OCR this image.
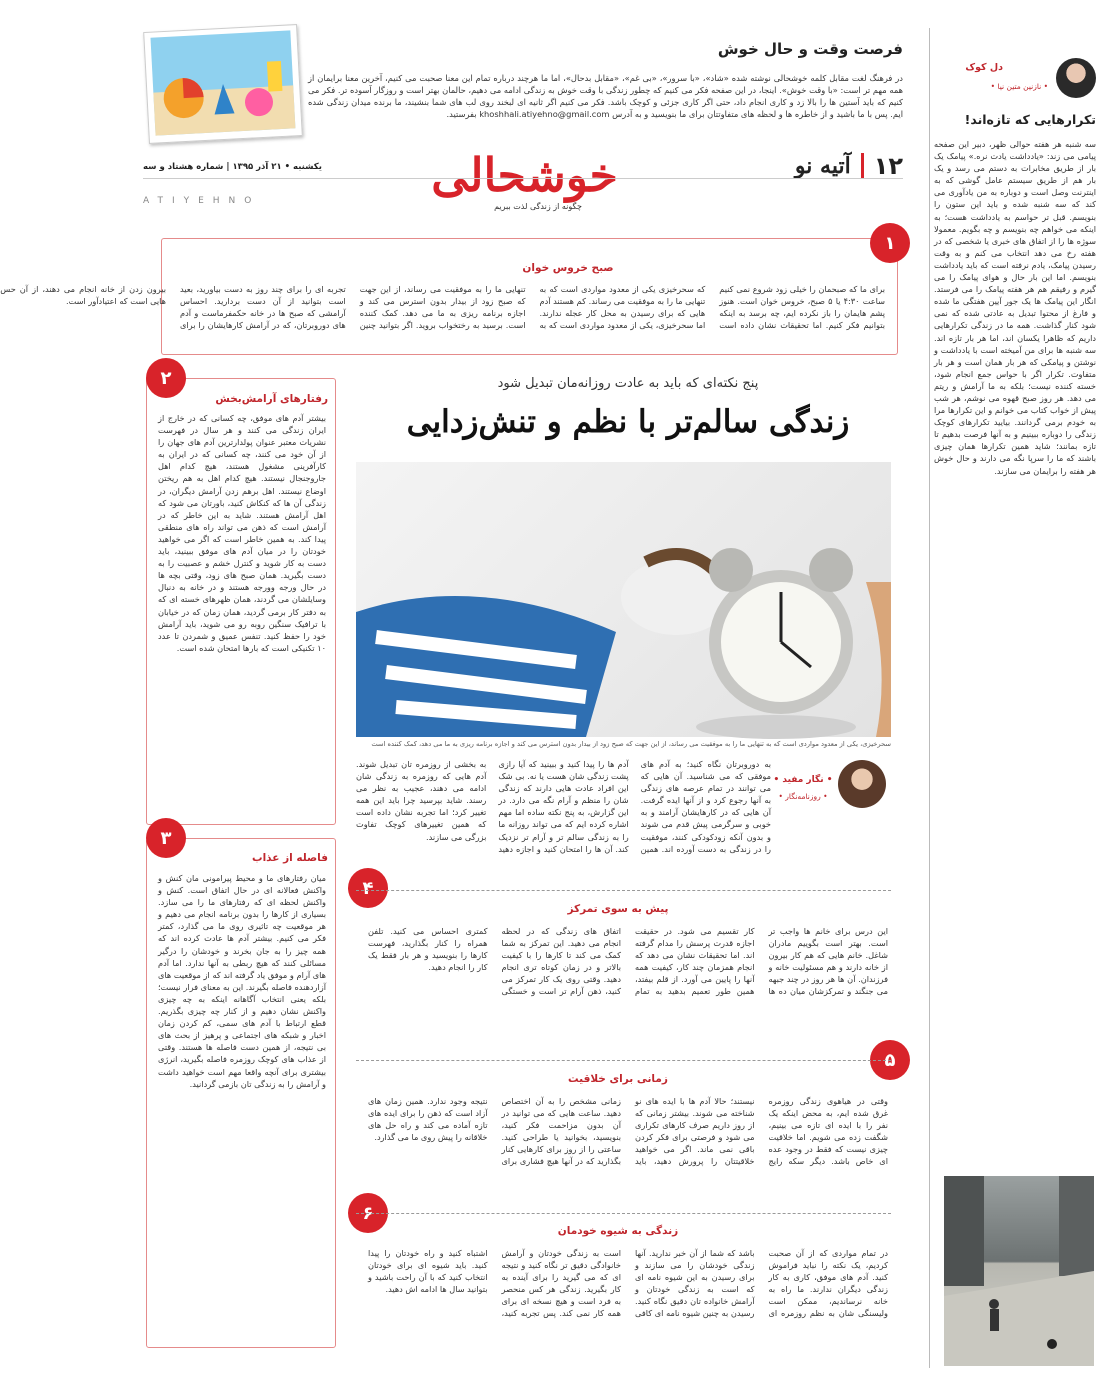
فرصت وقت و حال خوش
در فرهنگ لغت مقابل کلمه خوشحالی نوشته شده «شاد»، «با سرور»، «بی غم»، «مقابل بدحال»، اما ما هرچند درباره تمام این معنا صحبت می کنیم، آخرین معنا برایمان از همه مهم تر است: «با وقت خوش». اینجا، در این صفحه فکر می کنیم که چطور زندگی با وقت خوش به زندگی ادامه می دهیم، حالمان بهتر است و روزگار آسوده تر. فکر می کنیم که باید آستین ها را بالا زد و کاری انجام داد، حتی اگر کاری جزئی و کوچک باشد. فکر می کنیم اگر ثانیه ای لبخند روی لب های شما بنشیند، ما برنده میدان زندگی شده ایم. پس با ما باشید و از خاطره ها و لحظه های متفاوتتان برای ما بنویسید و به آدرس khoshhali.atiyehno@gmail.com بفرستید.
خوشحالی
چگونه از زندگی لذت ببریم
یکشنبه • ۲۱ آذر ۱۳۹۵ | شماره هشتاد و سه
ATIYEHNO
۱۲
آتیه نو
دل کوک
• نازنین متین نیا •
تکرارهایی که تازه‌اند!
سه شنبه هر هفته حوالی ظهر، دبیر این صفحه پیامی می زند: «یادداشت یادت نره.» پیامک یک بار از طریق مخابرات به دستم می رسد و یک بار هم از طریق سیستم عامل گوشی که به اینترنت وصل است و دوباره به من یادآوری می کند که سه شنبه شده و باید این ستون را بنویسم. قبل تر حواسم به یادداشت هست؛ به اینکه می خواهم چه بنویسم و چه بگویم. معمولا سوژه ها را از اتفاق های خبری یا شخصی که در هفته رخ می دهد انتخاب می کنم و به وقت رسیدن پیامک، یادم نرفته است که باید یادداشت بنویسم. اما این بار حال و هوای پیامک را می گیرم و رفیقم هم هر هفته پیامک را می فرستد. انگار این پیامک ها یک جور آیین هفتگی ما شده و فارغ از محتوا تبدیل به عادتی شده که نمی شود کنار گذاشت. همه ما در زندگی تکرارهایی داریم که ظاهرا یکسان اند، اما هر بار تازه اند. سه شنبه ها برای من آمیخته است با یادداشت و نوشتن و پیامکی که هر بار همان است و هر بار متفاوت. تکرار اگر با حواس جمع انجام شود، خسته کننده نیست؛ بلکه به ما آرامش و ریتم می دهد. هر روز صبح قهوه می نوشم، هر شب پیش از خواب کتاب می خوانم و این تکرارها مرا به خودم برمی گردانند. بیایید تکرارهای کوچک زندگی را دوباره ببینیم و به آنها فرصت بدهیم تا تازه بمانند؛ شاید همین تکرارها همان چیزی باشند که ما را سرپا نگه می دارند و حال خوش هر هفته را برایمان می سازند.
۱
صبح خروس خوان
برای ما که صبحمان را خیلی زود شروع نمی کنیم ساعت ۴:۳۰ یا ۵ صبح، خروس خوان است. هنوز پشم هایمان را باز نکرده ایم، چه برسد به اینکه بتوانیم فکر کنیم. اما تحقیقات نشان داده است که سحرخیزی یکی از معدود مواردی است که به تنهایی ما را به موفقیت می رساند. کم هستند آدم هایی که برای رسیدن به محل کار عجله ندارند. اما سحرخیزی، یکی از معدود مواردی است که به تنهایی ما را به موفقیت می رساند، از این جهت که صبح زود از بیدار بدون استرس می کند و اجازه برنامه ریزی به ما می دهد. کمک کننده است. برسید به رختخواب بروید. اگر بتوانید چنین تجربه ای را برای چند روز به دست بیاورید، بعید است بتوانید از آن دست بردارید. احساس آرامشی که صبح ها در خانه حکمفرماست و آدم های دوروبرتان، که در آرامش کارهایشان را برای بیرون زدن از خانه انجام می دهند، از آن حس هایی است که اعتیادآور است.
پنج نکته‌ای که باید به عادت روزانه‌مان تبدیل شود
زندگی سالم‌تر با نظم و تنش‌زدایی
سحرخیزی، یکی از معدود مواردی است که به تنهایی ما را به موفقیت می رساند، از این جهت که صبح زود از بیدار بدون استرس می کند و اجازه برنامه ریزی به ما می دهد، کمک کننده است
• نگار مفید •
• روزنامه‌نگار •
به دوروبرتان نگاه کنید؛ به آدم های موفقی که می شناسید. آن هایی که می توانند در تمام عرصه های زندگی به آنها رجوع کرد و از آنها ایده گرفت. آن هایی که در کارهایشان آرامند و به خوبی و سرگرمی پیش قدم می شوند و بدون آنکه زودکودکی کنند، موفقیت را در زندگی به دست آورده اند. همین آدم ها را پیدا کنید و ببینید که آیا رازی پشت زندگی شان هست یا نه. بی شک این افراد عادت هایی دارند که زندگی شان را منظم و آرام نگه می دارد. در این گزارش، به پنج نکته ساده اما مهم اشاره کرده ایم که می تواند روزانه ما را به زندگی سالم تر و آرام تر نزدیک کند. آن ها را امتحان کنید و اجازه دهید به بخشی از روزمره تان تبدیل شوند. آدم هایی که روزمره به زندگی شان ادامه می دهند، عجیب به نظر می رسند. شاید بپرسید چرا باید این همه تغییر کرد؛ اما تجربه نشان داده است که همین تغییرهای کوچک تفاوت بزرگی می سازند.
۲
رفتارهای آرامش‌بخش
بیشتر آدم های موفق، چه کسانی که در خارج از ایران زندگی می کنند و هر سال در فهرست نشریات معتبر عنوان پولدارترین آدم های جهان را از آن خود می کنند، چه کسانی که در ایران به کارآفرینی مشغول هستند، هیچ کدام اهل جاروجنجال نیستند. هیچ کدام اهل به هم ریختن اوضاع نیستند. اهل برهم زدن آرامش دیگران، در زندگی آن ها که کنکاش کنید، باورتان می شود که اهل آرامش هستند. شاید به این خاطر که در آرامش است که ذهن می تواند راه های منطقی پیدا کند. به همین خاطر است که اگر می خواهید خودتان را در میان آدم های موفق ببینید، باید دست به کار شوید و کنترل خشم و عصبیت را به دست بگیرید. همان صبح های زود، وقتی بچه ها در حال ورجه وورجه هستند و در خانه به دنبال وسایلشان می گردند، همان ظهرهای خسته ای که به دفتر کار برمی گردید، همان زمان که در خیابان با ترافیک سنگین روبه رو می شوید، باید آرامش خود را حفظ کنید. تنفس عمیق و شمردن تا عدد ۱۰ تکنیکی است که بارها امتحان شده است.
۳
فاصله از عذاب
میان رفتارهای ما و محیط پیرامونی مان کنش و واکنش فعالانه ای در حال اتفاق است. کنش و واکنش لحظه ای که رفتارهای ما را می سازد. بسیاری از کارها را بدون برنامه انجام می دهیم و هر موقعیت چه تاثیری روی ما می گذارد، کمتر فکر می کنیم. بیشتر آدم ها عادت کرده اند که همه چیز را به جان بخرند و خودشان را درگیر مسائلی کنند که هیچ ربطی به آنها ندارد. اما آدم های آرام و موفق یاد گرفته اند که از موقعیت های آزاردهنده فاصله بگیرند. این به معنای فرار نیست؛ بلکه یعنی انتخاب آگاهانه اینکه به چه چیزی واکنش نشان دهیم و از کنار چه چیزی بگذریم. قطع ارتباط با آدم های سمی، کم کردن زمان اخبار و شبکه های اجتماعی و پرهیز از بحث های بی نتیجه، از همین دست فاصله ها هستند. وقتی از عذاب های کوچک روزمره فاصله بگیرید، انرژی بیشتری برای آنچه واقعا مهم است خواهید داشت و آرامش را به زندگی تان بازمی گردانید.
۴
پیش به سوی تمرکز
این درس برای خانم ها واجب تر است. بهتر است بگوییم مادران شاغل. خانم هایی که هم کار بیرون از خانه دارند و هم مسئولیت خانه و فرزندان. آن ها هر روز در چند جبهه می جنگند و تمرکزشان میان ده ها کار تقسیم می شود. در حقیقت اجازه قدرت پرسش را مدام گرفته اند. اما تحقیقات نشان می دهد که انجام همزمان چند کار، کیفیت همه آنها را پایین می آورد. از قلم بیفتد، همین طور تعمیم بدهید به تمام اتفاق های زندگی که در لحظه انجام می دهید. این تمرکز به شما کمک می کند تا کارها را با کیفیت بالاتر و در زمان کوتاه تری انجام دهید. وقتی روی یک کار تمرکز می کنید، ذهن آرام تر است و خستگی کمتری احساس می کنید. تلفن همراه را کنار بگذارید، فهرست کارها را بنویسید و هر بار فقط یک کار را انجام دهید.
۵
زمانی برای خلاقیت
وقتی در هیاهوی زندگی روزمره غرق شده ایم، به محض اینکه یک نفر را با ایده ای تازه می بینیم، شگفت زده می شویم. اما خلاقیت چیزی نیست که فقط در وجود عده ای خاص باشد. دیگر سکه رایج نیستند؛ حالا آدم ها با ایده های نو شناخته می شوند. بیشتر زمانی که از روز داریم صرف کارهای تکراری می شود و فرصتی برای فکر کردن باقی نمی ماند. اگر می خواهید خلاقیتتان را پرورش دهید، باید زمانی مشخص را به آن اختصاص دهید. ساعت هایی که می توانید در آن بدون مزاحمت فکر کنید، بنویسید، بخوانید یا طراحی کنید. ساعتی را از روز برای کارهایی کنار بگذارید که در آنها هیچ فشاری برای نتیجه وجود ندارد. همین زمان های آزاد است که ذهن را برای ایده های تازه آماده می کند و راه حل های خلاقانه را پیش روی ما می گذارد.
۶
زندگی به شیوه خودمان
در تمام مواردی که از آن صحبت کردیم، یک نکته را نباید فراموش کنید. آدم های موفق، کاری به کار زندگی دیگران ندارند. ما راه به خانه نرساندیم، ممکن است ولیسنگی شان به نظم روزمره ای باشد که شما از آن خبر ندارید. آنها زندگی خودشان را می سازند و برای رسیدن به این شیوه نامه ای که است به زندگی خودتان و آرامش خانواده تان دقیق نگاه کنید. رسیدن به چنین شیوه نامه ای کافی است به زندگی خودتان و آرامش خانوادگی دقیق تر نگاه کنید و نتیجه ای که می گیرید را برای آینده به کار بگیرید. زندگی هر کس منحصر به فرد است و هیچ نسخه ای برای همه کار نمی کند. پس تجربه کنید، اشتباه کنید و راه خودتان را پیدا کنید. باید شیوه ای برای خودتان انتخاب کنید که با آن راحت باشید و بتوانید سال ها ادامه اش دهید.
